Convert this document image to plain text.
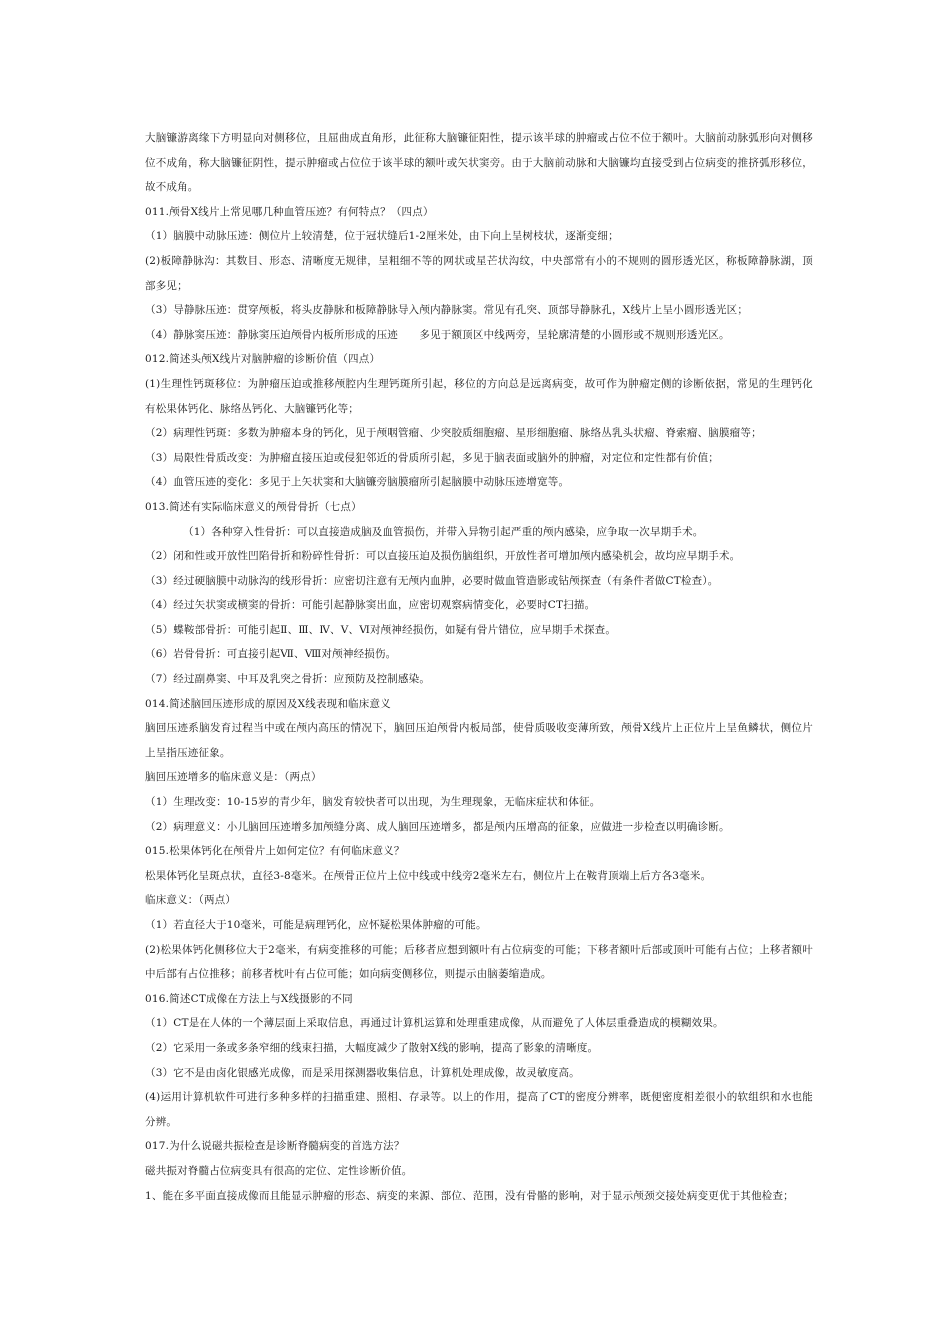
大脑镰游离缘下方明显向对侧移位，且屈曲成直角形，此征称大脑镰征阳性，提示该半球的肿瘤或占位不位于额叶。大脑前动脉弧形向对侧移位不成角，称大脑镰征阴性，提示肿瘤或占位位于该半球的额叶或矢状窦旁。由于大脑前动脉和大脑镰均直接受到占位病变的推挤弧形移位，故不成角。

011.颅骨X线片上常见哪几种血管压迹？有何特点？（四点）

（1）脑膜中动脉压迹：侧位片上较清楚，位于冠状缝后1-2厘米处，由下向上呈树枝状，逐渐变细；

(2)板障静脉沟：其数目、形态、清晰度无规律，呈粗细不等的网状或星芒状沟纹，中央部常有小的不规则的圆形透光区，称板障静脉湖，顶部多见；

（3）导静脉压迹：贯穿颅板，将头皮静脉和板障静脉导入颅内静脉窦。常见有孔突、顶部导静脉孔，X线片上呈小圆形透光区；

（4）静脉窦压迹：静脉窦压迫颅骨内板所形成的压迹　　多见于额顶区中线两旁，呈轮廓清楚的小圆形或不规则形透光区。

012.简述头颅X线片对脑肿瘤的诊断价值（四点）

(1)生理性钙斑移位：为肿瘤压迫或推移颅腔内生理钙斑所引起，移位的方向总是远离病变，故可作为肿瘤定侧的诊断依据，常见的生理钙化有松果体钙化、脉络丛钙化、大脑镰钙化等；

（2）病理性钙斑：多数为肿瘤本身的钙化，见于颅咽管瘤、少突胶质细胞瘤、星形细胞瘤、脉络丛乳头状瘤、脊索瘤、脑膜瘤等；

（3）局限性骨质改变：为肿瘤直接压迫或侵犯邻近的骨质所引起，多见于脑表面或脑外的肿瘤，对定位和定性都有价值；

（4）血管压迹的变化：多见于上矢状窦和大脑镰旁脑膜瘤所引起脑膜中动脉压迹增宽等。

013.简述有实际临床意义的颅骨骨折（七点）

（1）各种穿入性骨折：可以直接造成脑及血管损伤，并带入异物引起严重的颅内感染，应争取一次早期手术。

（2）闭和性或开放性凹陷骨折和粉碎性骨折：可以直接压迫及损伤脑组织，开放性者可增加颅内感染机会，故均应早期手术。

（3）经过硬脑膜中动脉沟的线形骨折：应密切注意有无颅内血肿，必要时做血管造影或钻颅探查（有条件者做CT检查）。

（4）经过矢状窦或横窦的骨折：可能引起静脉窦出血，应密切观察病情变化，必要时CT扫描。

（5）蝶鞍部骨折：可能引起Ⅱ、Ⅲ、Ⅳ、Ⅴ、Ⅵ对颅神经损伤，如疑有骨片错位，应早期手术探查。

（6）岩骨骨折：可直接引起Ⅶ、Ⅷ对颅神经损伤。

（7）经过副鼻窦、中耳及乳突之骨折：应预防及控制感染。

014.简述脑回压迹形成的原因及X线表现和临床意义

脑回压迹系脑发育过程当中或在颅内高压的情况下，脑回压迫颅骨内板局部，使骨质吸收变薄所致，颅骨X线片上正位片上呈鱼鳞状，侧位片上呈指压迹征象。

脑回压迹增多的临床意义是：（两点）

（1）生理改变：10-15岁的青少年，脑发育较快者可以出现，为生理现象，无临床症状和体征。

（2）病理意义：小儿脑回压迹增多加颅缝分离、成人脑回压迹增多，都是颅内压增高的征象，应做进一步检查以明确诊断。

015.松果体钙化在颅骨片上如何定位？有何临床意义？

松果体钙化呈斑点状，直径3-8毫米。在颅骨正位片上位中线或中线旁2毫米左右，侧位片上在鞍背顶端上后方各3毫米。

临床意义：（两点）

（1）若直径大于10毫米，可能是病理钙化，应怀疑松果体肿瘤的可能。

(2)松果体钙化侧移位大于2毫米，有病变推移的可能；后移者应想到额叶有占位病变的可能；下移者额叶后部或顶叶可能有占位；上移者额叶中后部有占位推移；前移者枕叶有占位可能；如向病变侧移位，则提示由脑萎缩造成。

016.简述CT成像在方法上与X线摄影的不同

（1）CT是在人体的一个薄层面上采取信息，再通过计算机运算和处理重建成像，从而避免了人体层重叠造成的模糊效果。

（2）它采用一条或多条窄细的线束扫描，大幅度减少了散射X线的影响，提高了影象的清晰度。

（3）它不是由卤化银感光成像，而是采用探测器收集信息，计算机处理成像，故灵敏度高。

(4)运用计算机软件可进行多种多样的扫描重建、照相、存录等。以上的作用，提高了CT的密度分辨率，既便密度相差很小的软组织和水也能分辨。

017.为什么说磁共振检查是诊断脊髓病变的首选方法？

磁共振对脊髓占位病变具有很高的定位、定性诊断价值。

1、能在多平面直接成像而且能显示肿瘤的形态、病变的来源、部位、范围，没有骨骼的影响，对于显示颅颈交接处病变更优于其他检查；
